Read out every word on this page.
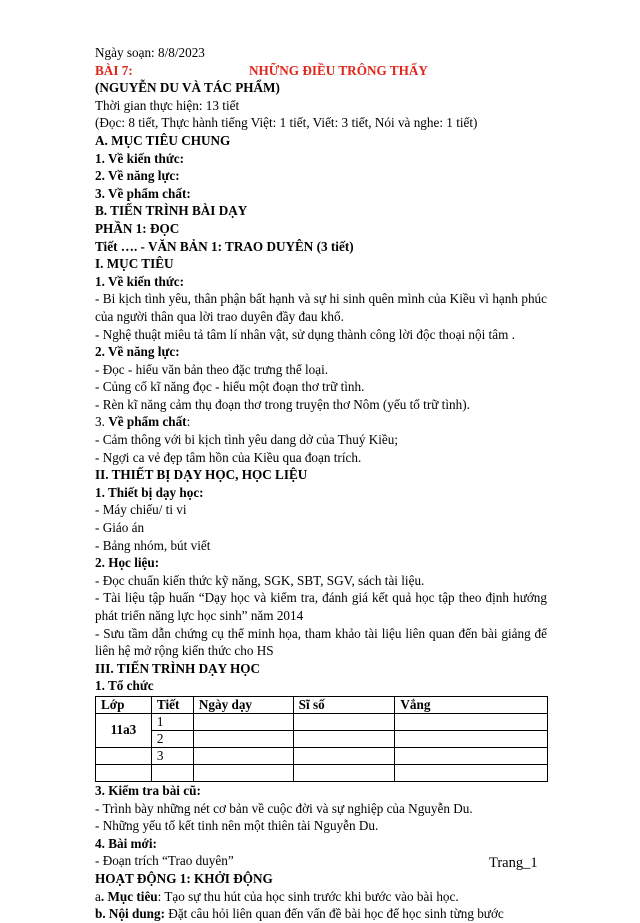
Ngày soạn: 8/8/2023
BÀI 7:	NHỮNG ĐIỀU TRÔNG THẤY
(NGUYỄN DU VÀ TÁC PHẨM)
Thời gian thực hiện: 13 tiết
(Đọc: 8 tiết, Thực hành tiếng Việt: 1 tiết, Viết: 3 tiết, Nói và nghe: 1 tiết)
A. MỤC TIÊU CHUNG
1. Về kiến thức:
2. Về năng lực:
3. Về phẩm chất:
B. TIẾN TRÌNH BÀI DẠY
PHẦN 1: ĐỌC
Tiết …. - VĂN BẢN 1: TRAO DUYÊN (3 tiết)
I. MỤC TIÊU
1. Về kiến thức:
- Bi kịch tình yêu, thân phận bất hạnh và sự hi sinh quên mình của Kiều vì hạnh phúc của người thân qua lời trao duyên đầy đau khổ.
- Nghệ thuật miêu tả tâm lí nhân vật, sử dụng thành công lời độc thoại nội tâm .
2. Về năng lực:
- Đọc - hiểu văn bản theo đặc trưng thể loại.
- Củng cố kĩ năng đọc - hiểu một đoạn thơ trữ tình.
- Rèn kĩ năng cảm thụ đoạn thơ trong truyện thơ Nôm (yếu tố trữ tình).
3. Về phẩm chất:
- Cảm thông với bi kịch tình yêu dang dở của Thuý Kiều;
- Ngợi ca vẻ đẹp tâm hồn của Kiều qua đoạn trích.
II. THIẾT BỊ DẠY HỌC, HỌC LIỆU
1. Thiết bị dạy học:
- Máy chiếu/ ti vi
- Giáo án
- Bảng nhóm, bút viết
2. Học liệu:
- Đọc chuẩn kiến thức kỹ năng, SGK, SBT, SGV, sách tài liệu.
- Tài liệu tập huấn “Dạy học và kiểm tra, đánh giá kết quả học tập theo định hướng phát triển năng lực học sinh” năm 2014
- Sưu tầm dẫn chứng cụ thể minh họa, tham khảo tài liệu liên quan đến bài giảng để liên hệ mở rộng kiến thức cho HS
III. TIẾN TRÌNH DẠY HỌC
1. Tổ chức
Lớp	Tiết	Ngày dạy	Sĩ số	Vắng
11a3	1			
	2			
	3			

3. Kiểm tra bài cũ:
- Trình bày những nét cơ bản về cuộc đời và sự nghiệp của Nguyễn Du.
- Những yếu tố kết tinh nên một thiên tài Nguyễn Du.
4. Bài mới:
- Đoạn trích “Trao duyên”
HOẠT ĐỘNG 1: KHỞI ĐỘNG
a. Mục tiêu: Tạo sự thu hút của học sinh trước khi bước vào bài học.
b. Nội dung: Đặt câu hỏi liên quan đến vấn đề bài học để học sinh từng bước
Trang_1
